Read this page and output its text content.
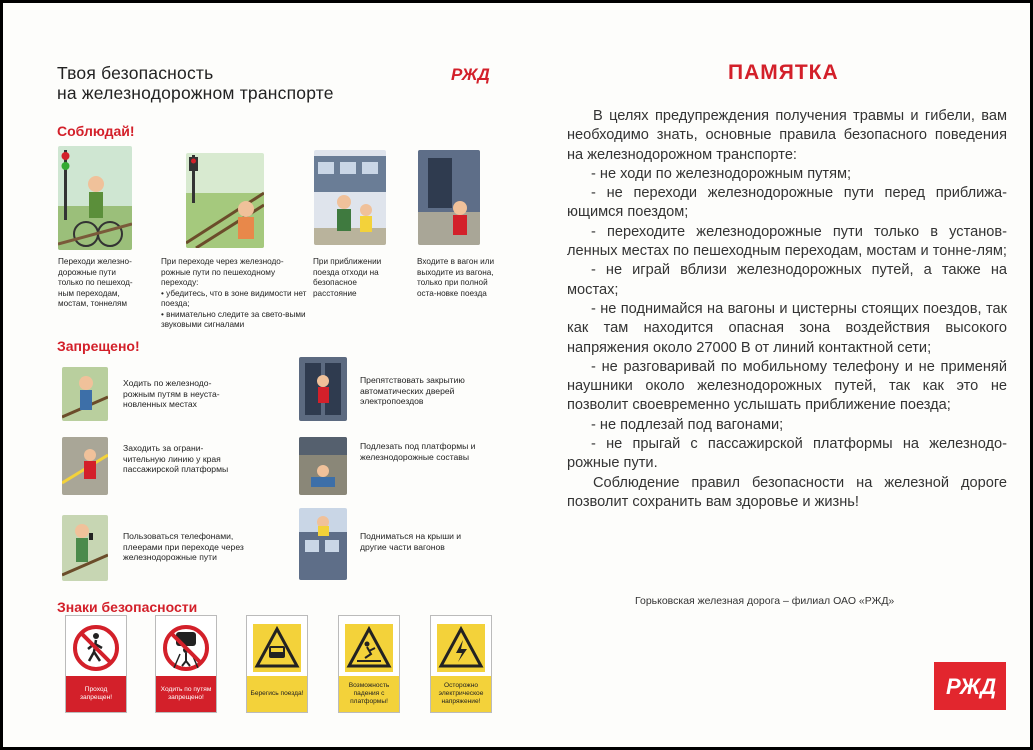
Твоя безопасность
на железнодорожном транспорте
РЖД
Соблюдай!
Переходи железно-дорожные пути только по пешеход-ным переходам, мостам, тоннелям
При переходе через железнодо-рожные пути по пешеходному переходу:
• убедитесь, что в зоне видимости нет поезда;
• внимательно следите за свето-выми звуковыми сигналами
При приближении поезда отходи на безопасное расстояние
Входите в вагон или выходите из вагона, только при полной оста-новке поезда
Запрещено!
Ходить по железнодо-рожным путям в неуста-новленных местах
Препятствовать закрытию автоматических дверей электропоездов
Заходить за ограни-чительную линию у края пассажирской платформы
Подлезать под платформы и железнодорожные составы
Пользоваться телефонами, плеерами при переходе через железнодорожные пути
Подниматься на крыши и другие части вагонов
Знаки безопасности
Проход запрещен!
Ходить по путям запрещено!
Берегись поезда!
Возможность падения с платформы!
Осторожно электрическое напряжение!
ПАМЯТКА

В целях предупреждения получения травмы и гибели, вам необходимо знать, основные правила безопасного поведения на железнодорожном транспорте:

- не ходи по железнодорожным путям;

- не переходи железнодорожные пути перед приближа-ющимся поездом;

- переходите железнодорожные пути только в установ-ленных местах по пешеходным переходам, мостам и тонне-лям;

- не играй вблизи железнодорожных путей, а также на мостах;

- не поднимайся на вагоны и цистерны стоящих поездов, так как там находится опасная зона воздействия высокого напряжения около 27000 В от линий контактной сети;

- не разговаривай по мобильному телефону и не применяй наушники около железнодорожных путей, так как это не позволит своевременно услышать приближение поезда;

- не подлезай под вагонами;

- не прыгай с пассажирской платформы на железнодо-рожные пути.

Соблюдение правил безопасности на железной дороге позволит сохранить вам здоровье и жизнь!

Горьковская железная дорога – филиал ОАО «РЖД»
РЖД
